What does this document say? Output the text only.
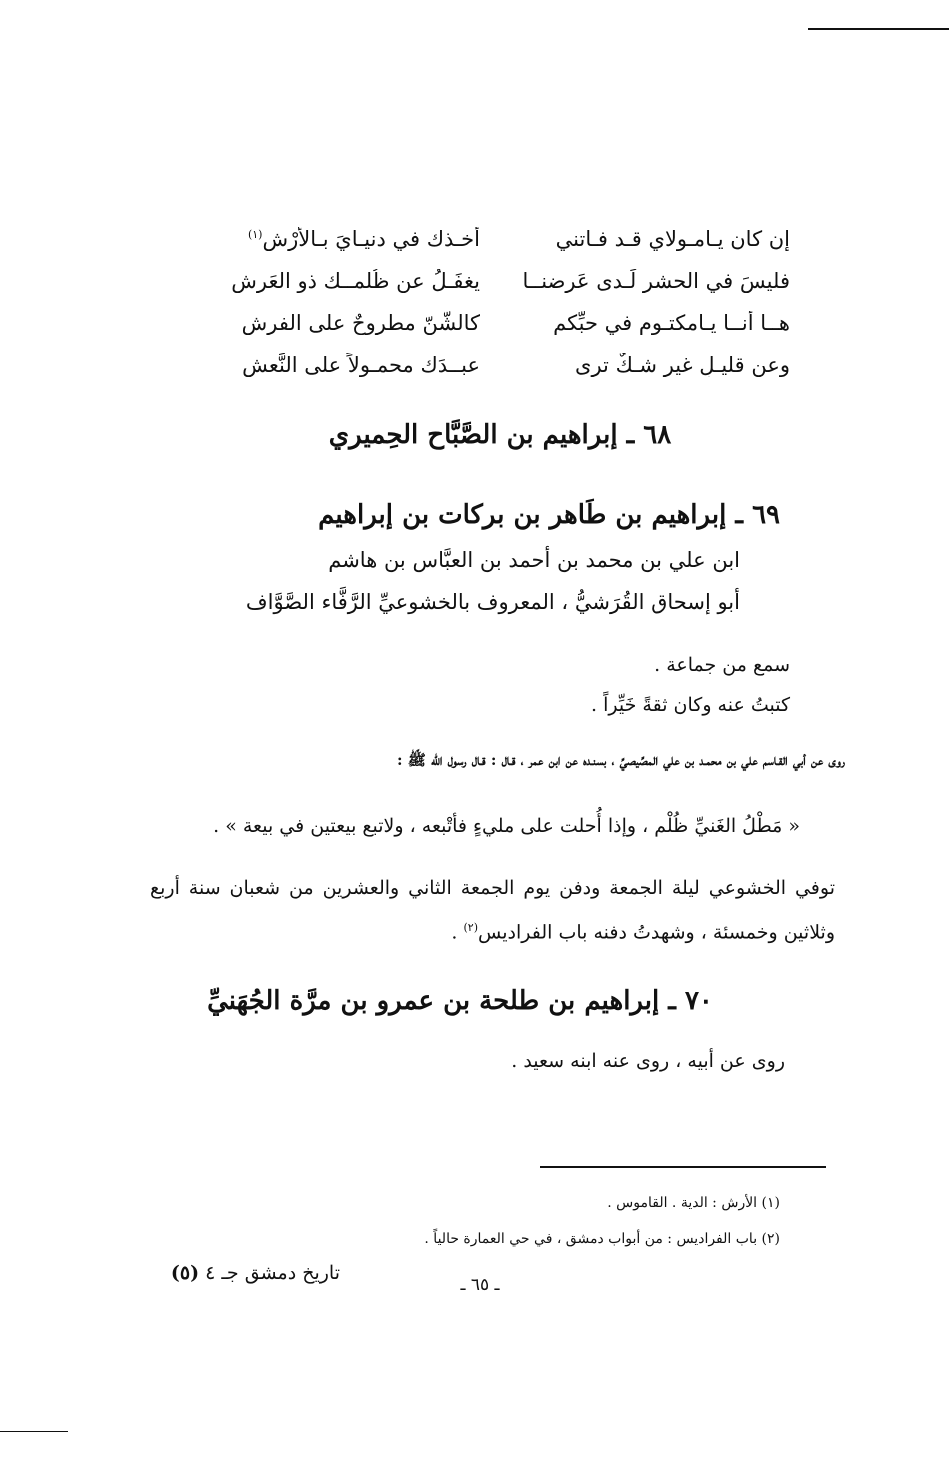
إن كان يـامـولاي قـد فـاتني
أخـذك في دنيـايَ بـالأرْش$^{(١)}$
فليسَ في الحشر لَـدى عَرضنــا
يغفَـلُ عن ظُلمــك ذو العَرش
هــا أنــا يـامكتـوم في حبِّكم
كالشَّنّ مطروحٌ على الفرشِ
وعن قليـلٍ غير شـكٌ ترى
عبــدَك محمـولاً على النَّعشِ
٦٨ ـ إبراهيم بن الصَّبَّاح الحِميري
٦٩ ـ إبراهيم بن طَاهر بن بركات بن إبراهيم
ابن علي بن محمد بن أحمد بن العبَّاس بن هاشم
أبو إسحاق القُرَشيُّ ، المعروف بالخشوعيِّ الرَّفَّاء الصَّوَّاف
سمع من جماعة .
كتبتُ عنه وكان ثقةً خَيِّراً .
روى عن أبي القـاسم علي بن محمـد بن علي المصِّيصيِّ ، بسنـده عن ابن عمر ، قـال : قـال رسول الله ﷺ :
« مَطْلُ الغَنيِّ ظُلْم ، وإذا أُحلت على مليءٍ فأتْبعه ، ولاتبع بيعتين في بيعة » .
توفي الخشوعي ليلة الجمعة ودفن يوم الجمعة الثاني والعشرين من شعبان سنة أربع وثلاثين وخمسئة ، وشهدتُ دفنه باب الفراديس$^{(٢)}$ .
٧٠ ـ إبراهيم بن طلحة بن عمرو بن مرَّة الجُهَنيِّ
روى عن أبيه ، روى عنه ابنه سعيد .
(١) الأرش : الدية . القاموس .
(٢) باب الفراديس : من أبواب دمشق ، في حي العمارة حالياً .
تاريخ دمشق جـ ٤ (٥)
ـ ٦٥ ـ
